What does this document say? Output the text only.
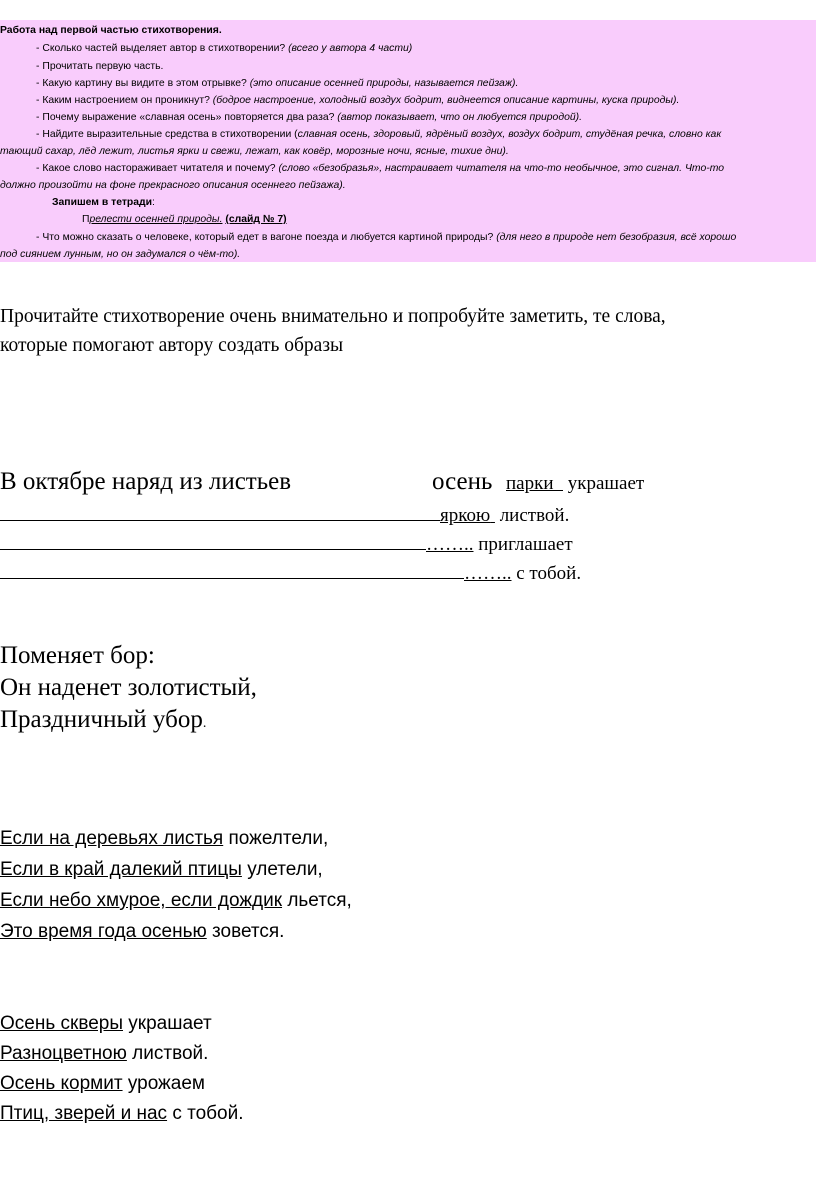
Работа над первой частью стихотворения.
- Сколько частей выделяет автор в стихотворении? (всего у автора 4 части)
- Прочитать первую часть.
- Какую картину вы видите в этом отрывке? (это описание осенней природы, называется пейзаж).
- Каким настроением он проникнут? (бодрое настроение, холодный воздух бодрит, виднеется описание картины, куска природы).
- Почему выражение «славная осень» повторяется два раза? (автор показывает, что он любуется природой).
- Найдите выразительные средства в стихотворении (славная осень, здоровый, ядрёный воздух, воздух бодрит, студёная речка, словно как
тающий сахар, лёд лежит, листья ярки и свежи, лежат, как ковёр, морозные ночи, ясные, тихие дни).
- Какое слово настораживает читателя и почему? (слово «безобразья», настраивает читателя на что-то необычное, это сигнал. Что-то
должно произойти на фоне прекрасного описания осеннего пейзажа).
Запишем в тетради:
Прелести осенней природы. (слайд № 7)
- Что можно сказать о человеке, который едет в вагоне поезда и любуется картиной природы? (для него в природе нет безобразия, всё хорошо
под сиянием лунным, но он задумался о чём-то).
Прочитайте стихотворение очень внимательно и попробуйте заметить, те слова,
которые помогают автору создать образы
В октябре наряд из листьев	осень парки украшает
яркою листвой.
…….. приглашает
…….. с тобой.
Поменяет бор:
Он наденет золотистый,
Праздничный убор.
Если на деревьях листья пожелтели,
Если в край далекий птицы улетели,
Если небо хмурое, если дождик льется,
Это время года осенью зовется.
Осень скверы украшает
Разноцветною листвой.
Осень кормит урожаем
Птиц, зверей и нас с тобой.
